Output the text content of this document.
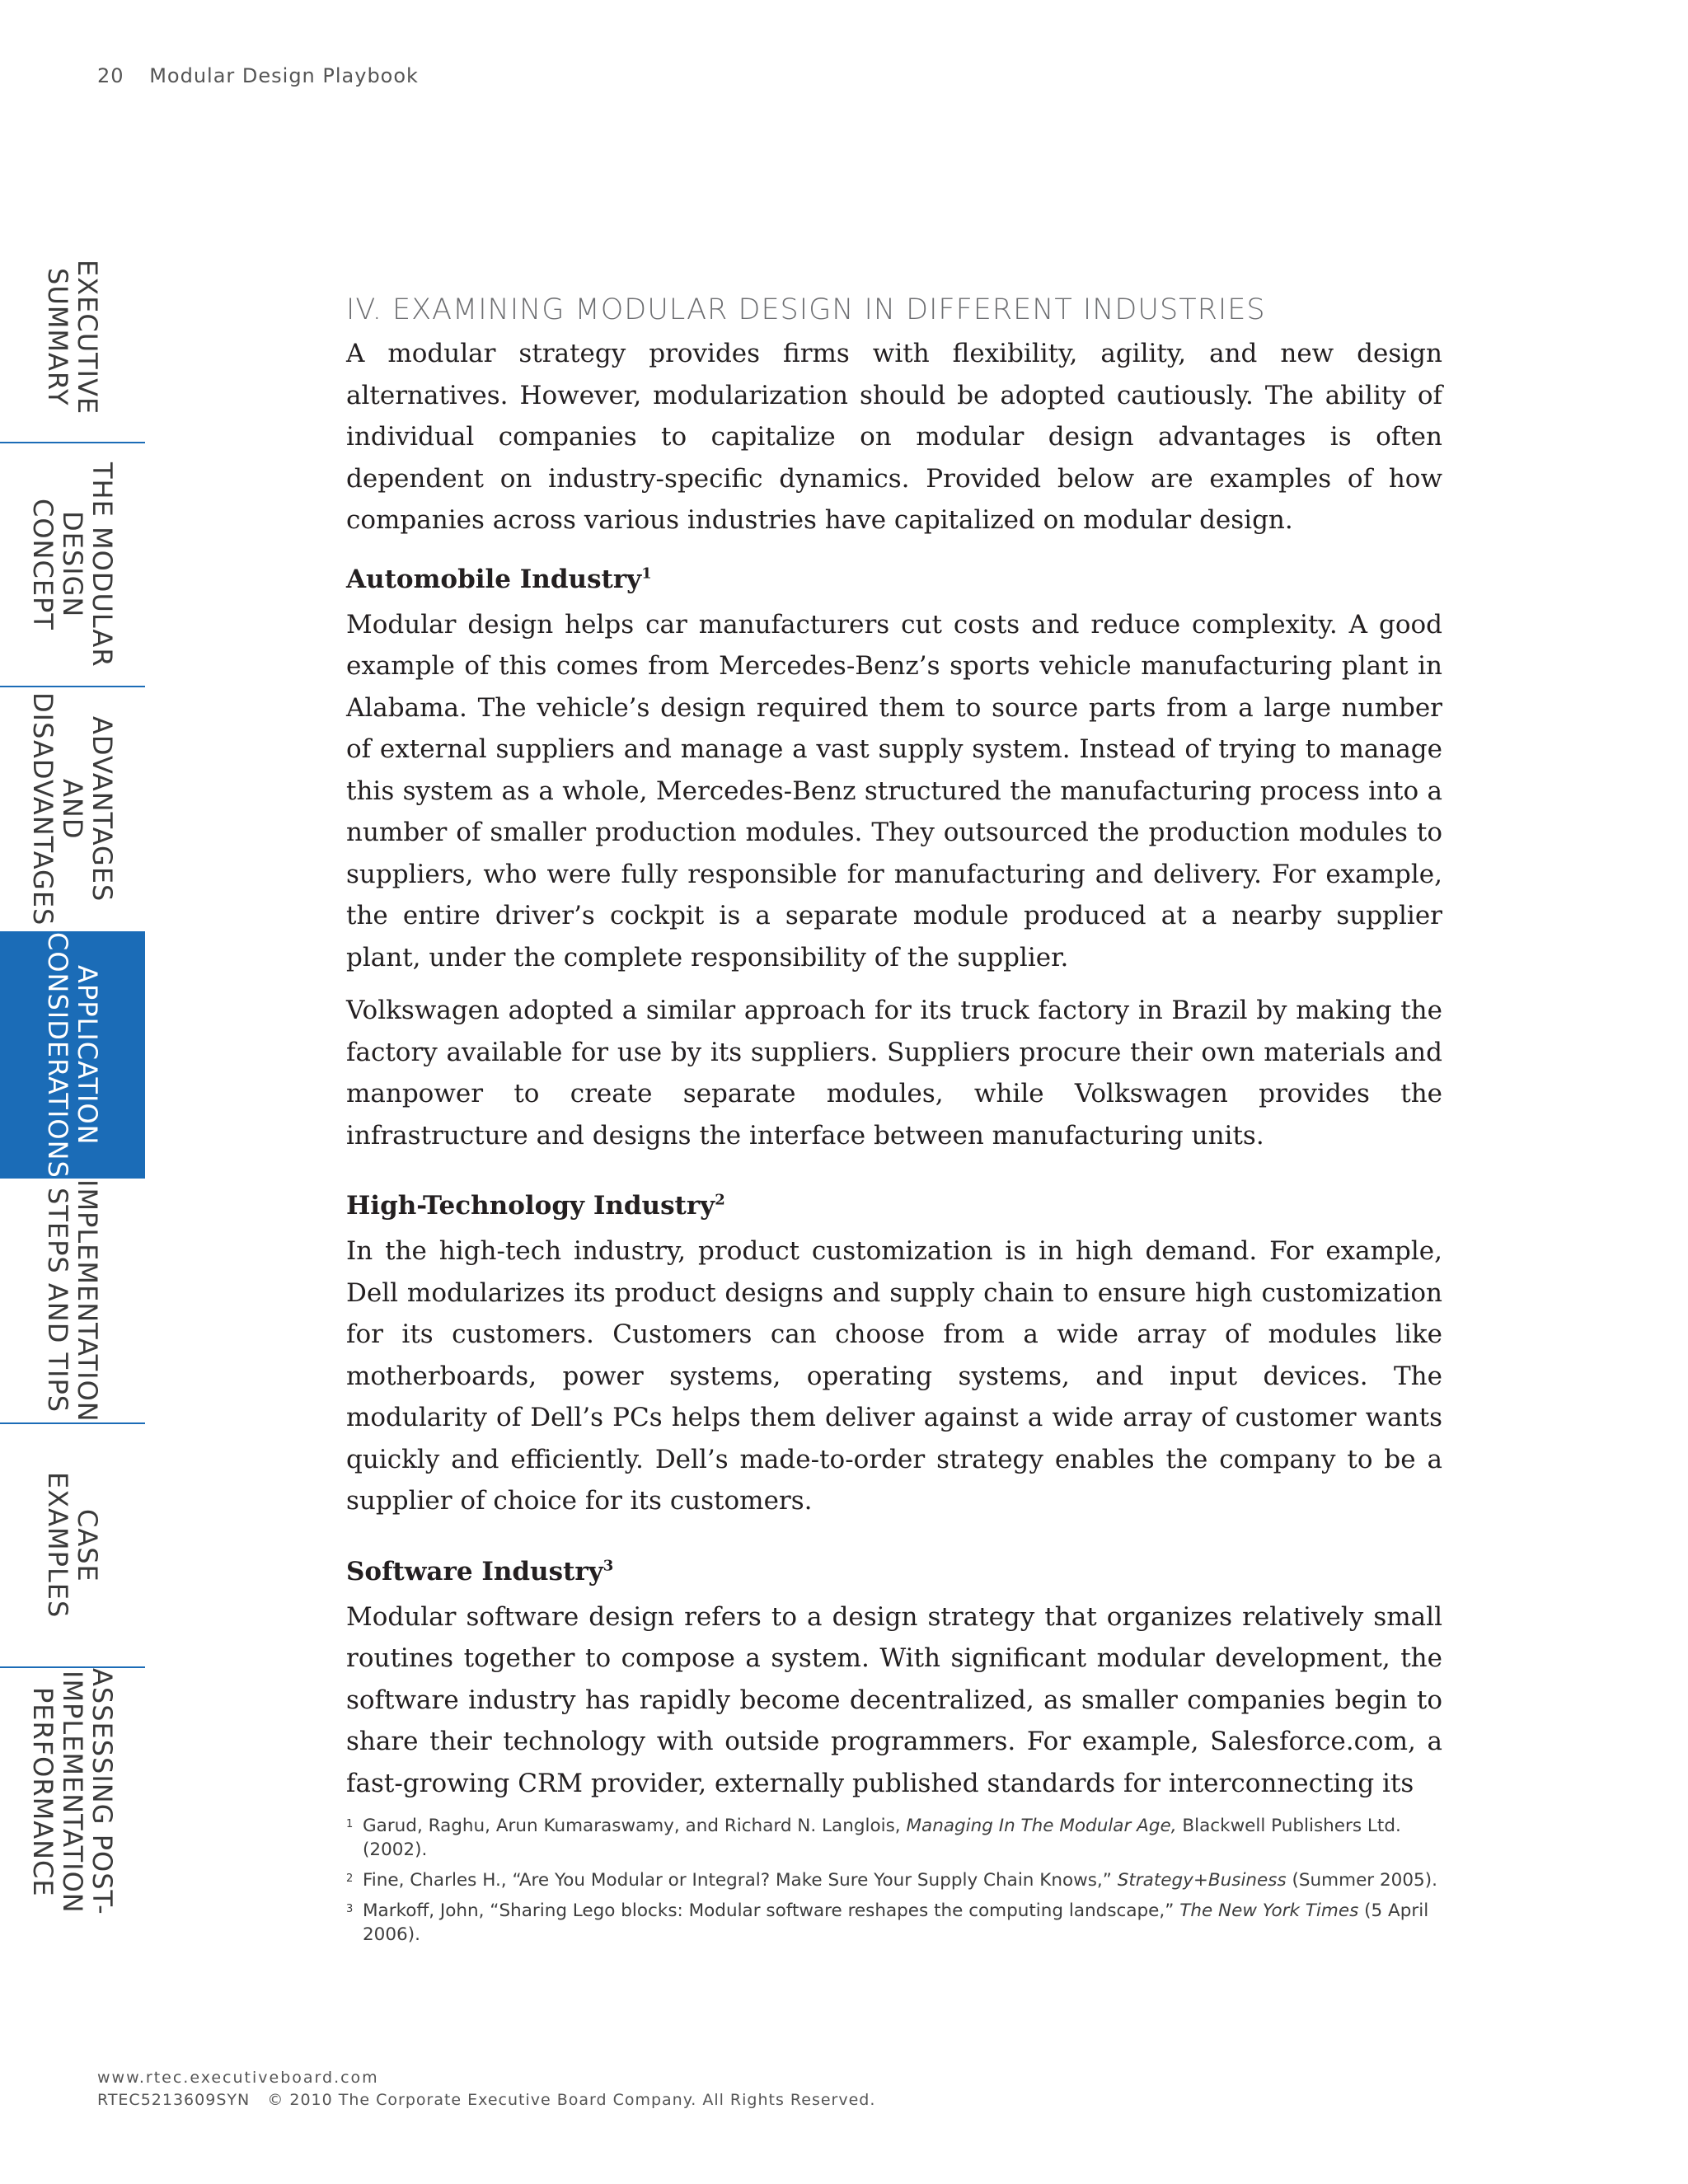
20 Modular Design Playbook
EXECUTIVE
SUMMARY
THE MODULAR
DESIGN CONCEPT
ADVANTAGES
AND
DISADVANTAGES
APPLICATION
CONSIDERATIONS
IMPLEMENTATION
STEPS AND TIPS
CASE
EXAMPLES
ASSESSING POST-
IMPLEMENTATION
PERFORMANCE
IV. EXAMINING MODULAR DESIGN IN DIFFERENT INDUSTRIES

A modular strategy provides firms with flexibility, agility, and new design alternatives. However, modularization should be adopted cautiously. The ability of individual companies to capitalize on modular design advantages is often dependent on industry-specific dynamics. Provided below are examples of how companies across various industries have capitalized on modular design.

Automobile Industry$^1$

Modular design helps car manufacturers cut costs and reduce complexity. A good example of this comes from Mercedes-Benz’s sports vehicle manufacturing plant in Alabama. The vehicle’s design required them to source parts from a large number of external suppliers and manage a vast supply system. Instead of trying to manage this system as a whole, Mercedes-Benz structured the manufacturing process into a number of smaller production modules. They outsourced the production modules to suppliers, who were fully responsible for manufacturing and delivery. For example, the entire driver’s cockpit is a separate module produced at a nearby supplier plant, under the complete responsibility of the supplier.

Volkswagen adopted a similar approach for its truck factory in Brazil by making the factory available for use by its suppliers. Suppliers procure their own materials and manpower to create separate modules, while Volkswagen provides the infrastructure and designs the interface between manufacturing units.

High-Technology Industry$^2$

In the high-tech industry, product customization is in high demand. For example, Dell modularizes its product designs and supply chain to ensure high customization for its customers. Customers can choose from a wide array of modules like motherboards, power systems, operating systems, and input devices. The modularity of Dell’s PCs helps them deliver against a wide array of customer wants quickly and efficiently. Dell’s made-to-order strategy enables the company to be a supplier of choice for its customers.

Software Industry$^3$

Modular software design refers to a design strategy that organizes relatively small routines together to compose a system. With significant modular development, the software industry has rapidly become decentralized, as smaller companies begin to share their technology with outside programmers. For example, Salesforce.com, a fast-growing CRM provider, externally published standards for interconnecting its

1 Garud, Raghu, Arun Kumaraswamy, and Richard N. Langlois, Managing In The Modular Age, Blackwell Publishers Ltd. (2002).
2 Fine, Charles H., “Are You Modular or Integral? Make Sure Your Supply Chain Knows,” Strategy+Business (Summer 2005).
3 Markoff, John, “Sharing Lego blocks: Modular software reshapes the computing landscape,” The New York Times (5 April 2006).
www.rtec.executiveboard.com
RTEC5213609SYN © 2010 The Corporate Executive Board Company. All Rights Reserved.
